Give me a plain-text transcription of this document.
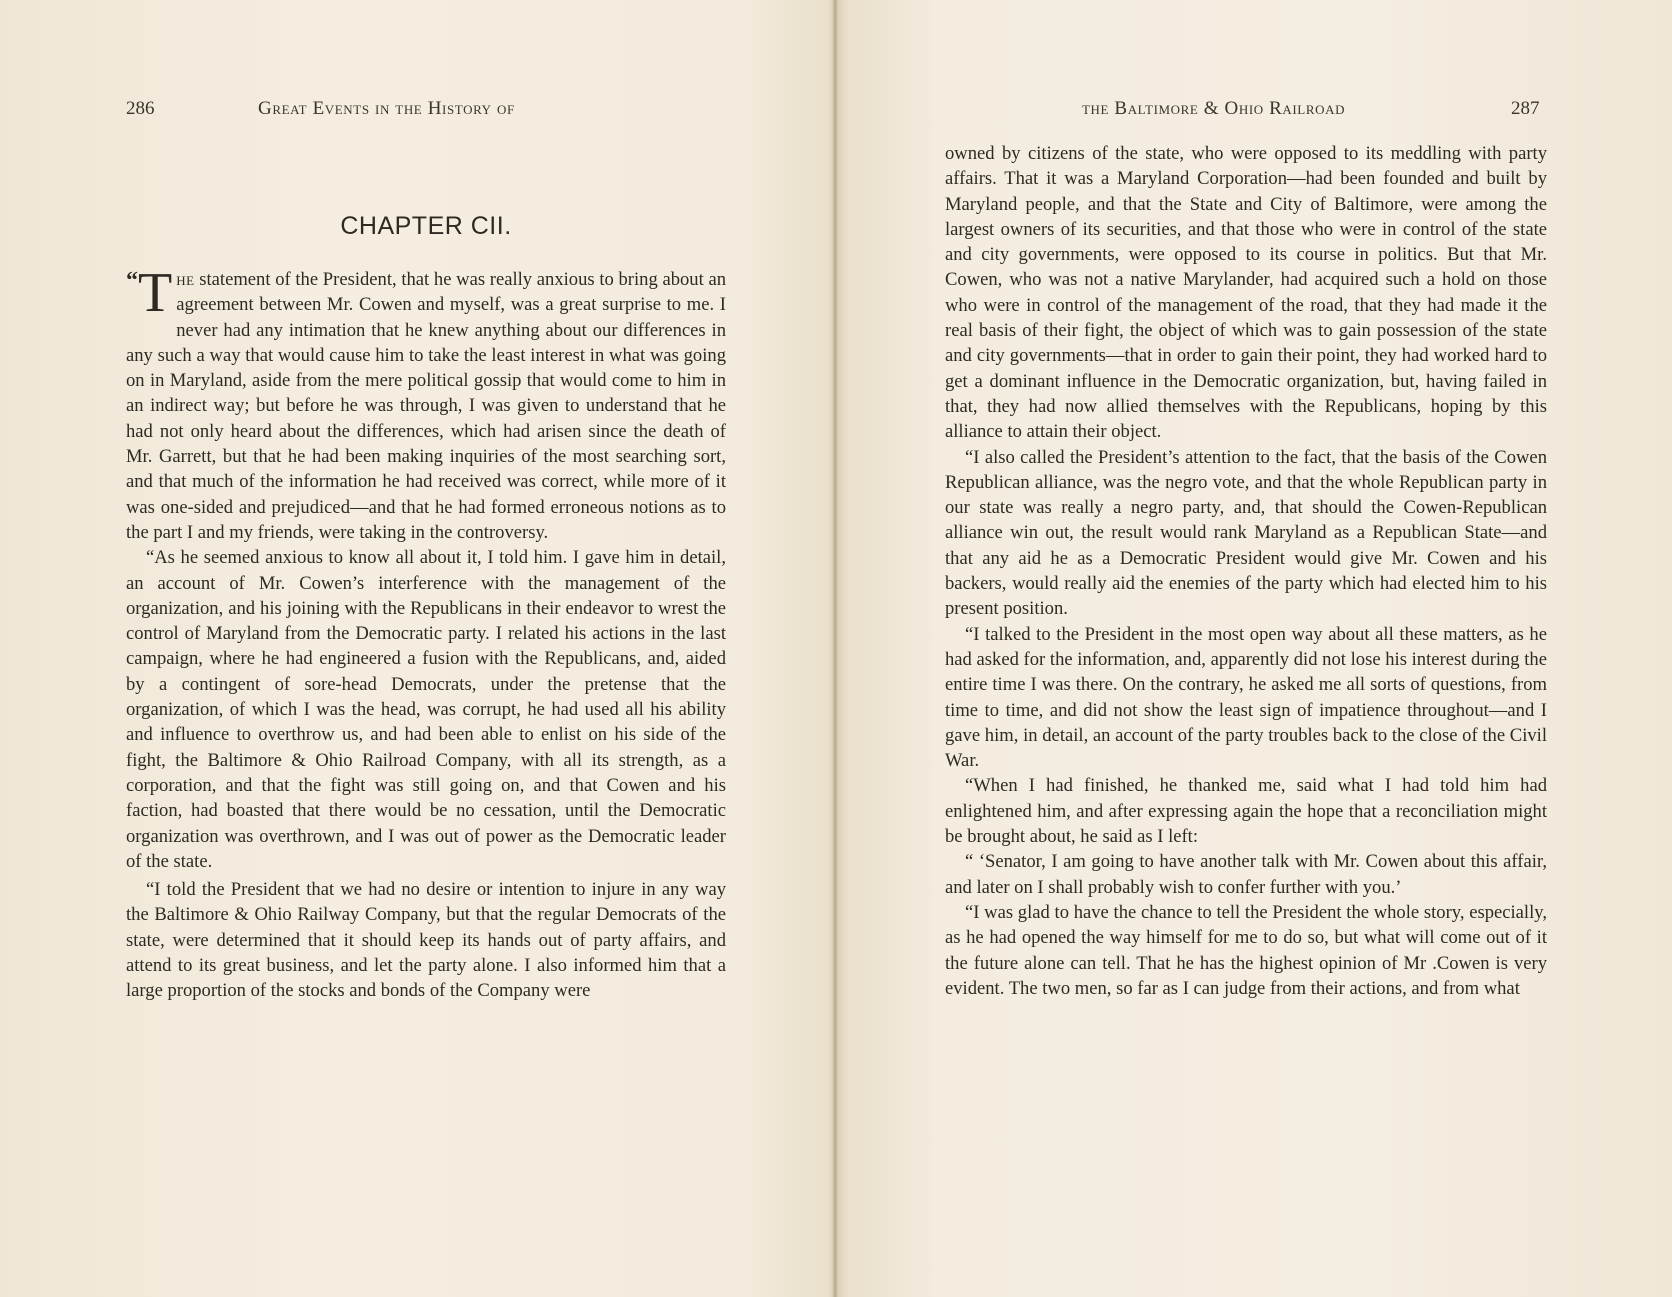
286	Great Events in the History of
CHAPTER CII.

“ T he statement of the President, that he was really anxious to bring about an agreement between Mr. Cowen and myself, was a great surprise to me. I never had any intimation that he knew anything about our differences in any such a way that would cause him to take the least interest in what was going on in Maryland, aside from the mere political gossip that would come to him in an indirect way; but before he was through, I was given to understand that he had not only heard about the differences, which had arisen since the death of Mr. Garrett, but that he had been making inquiries of the most searching sort, and that much of the information he had received was correct, while more of it was one-sided and prejudiced—and that he had formed erroneous notions as to the part I and my friends, were taking in the controversy.

“As he seemed anxious to know all about it, I told him. I gave him in detail, an account of Mr. Cowen’s interference with the management of the organization, and his joining with the Republicans in their endeavor to wrest the control of Maryland from the Democratic party. I related his actions in the last campaign, where he had engineered a fusion with the Republicans, and, aided by a contingent of sore-head Democrats, under the pretense that the organization, of which I was the head, was corrupt, he had used all his ability and influence to overthrow us, and had been able to enlist on his side of the fight, the Baltimore & Ohio Railroad Company, with all its strength, as a corporation, and that the fight was still going on, and that Cowen and his faction, had boasted that there would be no cessation, until the Democratic organization was overthrown, and I was out of power as the Democratic leader of the state.

“I told the President that we had no desire or intention to injure in any way the Baltimore & Ohio Railway Company, but that the regular Democrats of the state, were determined that it should keep its hands out of party affairs, and attend to its great business, and let the party alone. I also informed him that a large proportion of the stocks and bonds of the Company were

the Baltimore & Ohio Railroad	287

owned by citizens of the state, who were opposed to its meddling with party affairs. That it was a Maryland Corporation—had been founded and built by Maryland people, and that the State and City of Baltimore, were among the largest owners of its securities, and that those who were in control of the state and city governments, were opposed to its course in politics. But that Mr. Cowen, who was not a native Marylander, had acquired such a hold on those who were in control of the management of the road, that they had made it the real basis of their fight, the object of which was to gain possession of the state and city governments—that in order to gain their point, they had worked hard to get a dominant influence in the Democratic organization, but, having failed in that, they had now allied themselves with the Republicans, hoping by this alliance to attain their object.

“I also called the President’s attention to the fact, that the basis of the Cowen Republican alliance, was the negro vote, and that the whole Republican party in our state was really a negro party, and, that should the Cowen-Republican alliance win out, the result would rank Maryland as a Republican State—and that any aid he as a Democratic President would give Mr. Cowen and his backers, would really aid the enemies of the party which had elected him to his present position.

“I talked to the President in the most open way about all these matters, as he had asked for the information, and, apparently did not lose his interest during the entire time I was there. On the contrary, he asked me all sorts of questions, from time to time, and did not show the least sign of impatience throughout—and I gave him, in detail, an account of the party troubles back to the close of the Civil War.

“When I had finished, he thanked me, said what I had told him had enlightened him, and after expressing again the hope that a reconciliation might be brought about, he said as I left:

“ ‘Senator, I am going to have another talk with Mr. Cowen about this affair, and later on I shall probably wish to confer further with you.’

“I was glad to have the chance to tell the President the whole story, especially, as he had opened the way himself for me to do so, but what will come out of it the future alone can tell. That he has the highest opinion of Mr .Cowen is very evident. The two men, so far as I can judge from their actions, and from what
